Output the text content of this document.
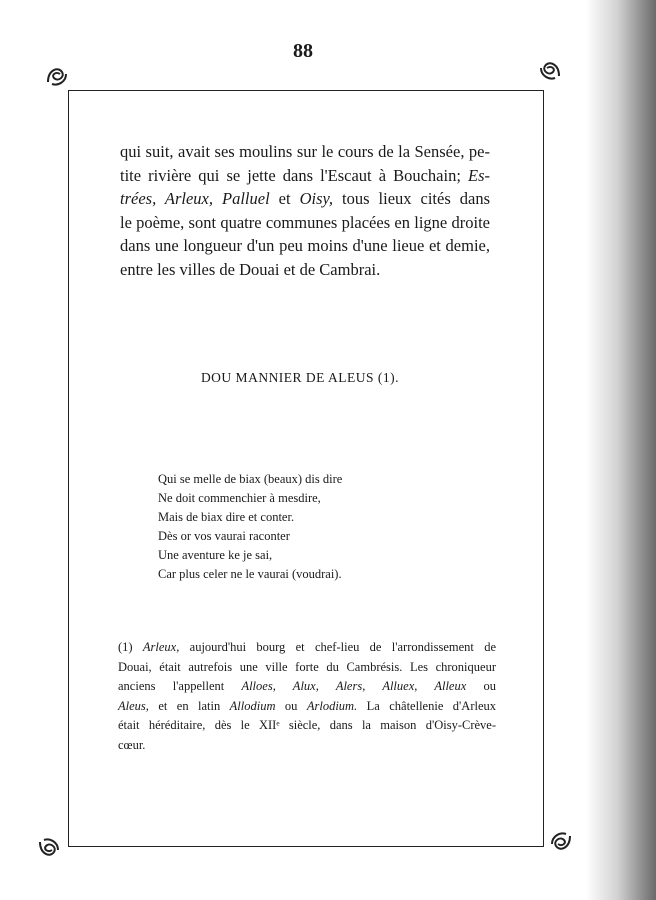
88
qui suit, avait ses moulins sur le cours de la Sensée, pe-
tite rivière qui se jette dans l'Escaut à Bouchain; Es-
trées, Arleux, Palluel et Oisy, tous lieux cités dans
le poème, sont quatre communes placées en ligne droite
dans une longueur d'un peu moins d'une lieue et demie,
entre les villes de Douai et de Cambrai.
DOU MANNIER DE ALEUS (1).
Qui se melle de biax (beaux) dis dire
Ne doit commenchier à mesdire,
Mais de biax dire et conter.
Dès or vos vaurai raconter
Une aventure ke je sai,
Car plus celer ne le vaurai (voudrai).
(1) Arleux, aujourd'hui bourg et chef-lieu de l'arrondissement de
Douai, était autrefois une ville forte du Cambrésis. Les chroniqueur
anciens l'appellent Alloes, Alux, Alers, Alluex, Alleux ou
Aleus, et en latin Allodium ou Arlodium. La châtellenie d'Arleux
était héréditaire, dès le XIIᵉ siècle, dans la maison d'Oisy-Crève-
cœur.
